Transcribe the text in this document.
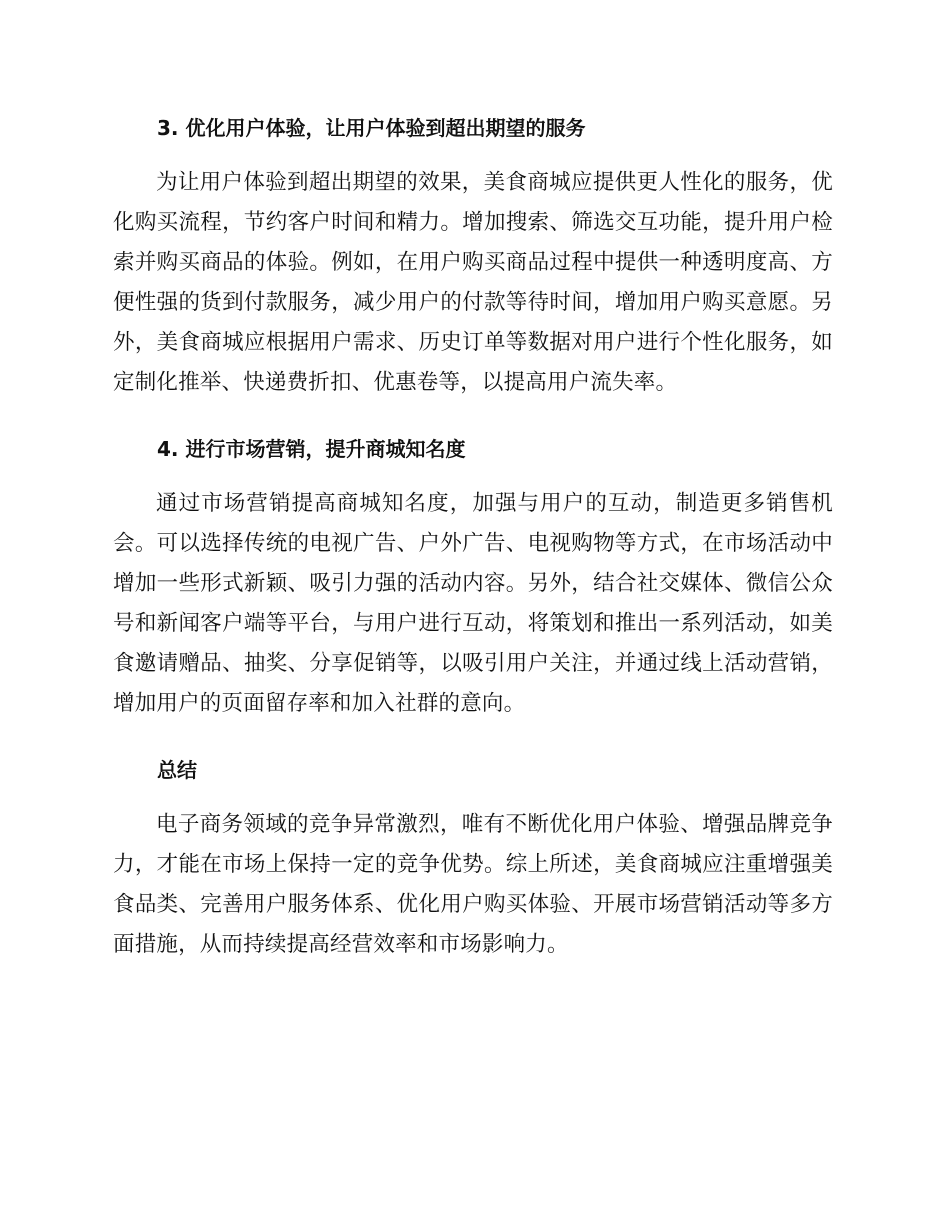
3. 优化用户体验，让用户体验到超出期望的服务

为让用户体验到超出期望的效果，美食商城应提供更人性化的服务，优化购买流程，节约客户时间和精力。增加搜索、筛选交互功能，提升用户检索并购买商品的体验。例如，在用户购买商品过程中提供一种透明度高、方便性强的货到付款服务，减少用户的付款等待时间，增加用户购买意愿。另外，美食商城应根据用户需求、历史订单等数据对用户进行个性化服务，如定制化推举、快递费折扣、优惠卷等，以提高用户流失率。

4. 进行市场营销，提升商城知名度

通过市场营销提高商城知名度，加强与用户的互动，制造更多销售机会。可以选择传统的电视广告、户外广告、电视购物等方式，在市场活动中增加一些形式新颖、吸引力强的活动内容。另外，结合社交媒体、微信公众号和新闻客户端等平台，与用户进行互动，将策划和推出一系列活动，如美食邀请赠品、抽奖、分享促销等，以吸引用户关注，并通过线上活动营销，增加用户的页面留存率和加入社群的意向。

总结

电子商务领域的竞争异常激烈，唯有不断优化用户体验、增强品牌竞争力，才能在市场上保持一定的竞争优势。综上所述，美食商城应注重增强美食品类、完善用户服务体系、优化用户购买体验、开展市场营销活动等多方面措施，从而持续提高经营效率和市场影响力。
